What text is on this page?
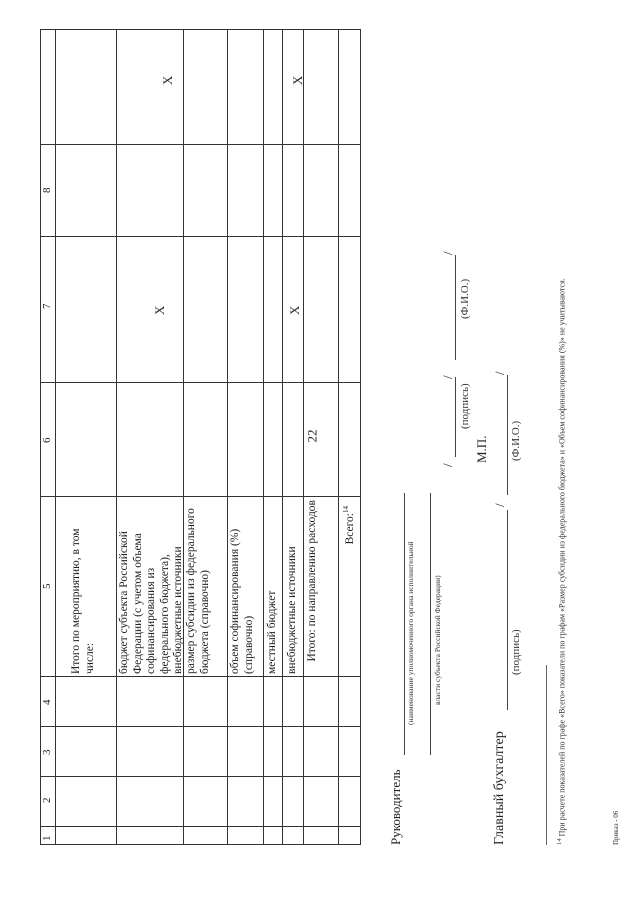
22
1
2
3
4
5
6
7
8
Итого по мероприятию, в том числе: бюджет субъекта Российской Федерации (с учетом объема софинансирования из федерального бюджета), внебюджетные источники размер субсидии из федерального бюджета (справочно) объем софинансирования (%) (справочно) местный бюджет внебюджетные источники Итого: по направлению расходов	Всего:$^{14}$
X
X
X
X
Руководитель
(наименование уполномоченного органа исполнительной власти субъекта Российской Федерации)
/
/
(подпись)
/
(Ф.И.О.)
М.П.
Главный бухгалтер
/
(подпись)
/
(Ф.И.О.)
$^{14}$ При расчете показателей по графе «Всего» показатели по графам «Размер субсидии из федерального бюджета» и «Объем софинансирования (%)» не учитываются.	Приказ - 06
